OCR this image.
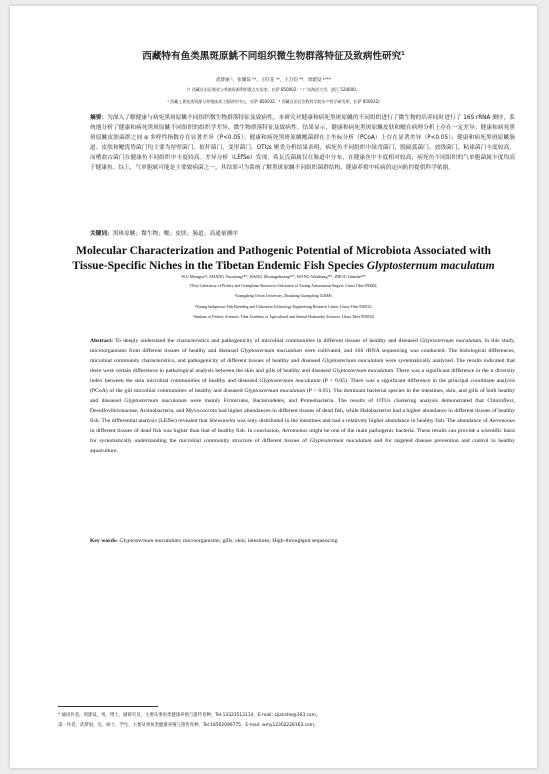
西藏特有鱼类黑斑原鮡不同组织微生物群落特征及致病性研究$^1$
武梦丽 ¹，张耀琼 ²*，王旺花 ³*，王万钧 ⁴*，周建设 ¹*⁴*
(¹ 西藏自治区渔业与养殖资源利用重点实验室，拉萨 850002；² 广东海洋大学，湛江 524000；
³ 西藏土著鱼类资源与养殖技术工程研究中心，拉萨 850032；⁴ 西藏自治区农牧科学院水产科学研究所，拉萨 850032)
摘要：为深入了解健康与病死黑斑原鮡不同组织微生物群落特征及致病性，本研究对健康和病死黑斑原鮡的不同组织进行了微生物的培养同时进行了 16S rRNA 测序，系统地分析了健康和病死黑斑原鮡不同组织的组织学差异、微生物群落特征及致病性。结果显示，健康和病死黑斑原鮡皮肤和鳃在病理分析上存在一定差异；健康和病死黑斑原鮡皮肤菌群之间 α 多样性指数存在显著差异（P<0.05）；健康和病死黑斑原鮡鳃菌群在主坐标分析（PCoA）上存在显著差异（P<0.05）；健康和病死黑斑原鮡肠道、皮肤和鳃优势菌门均主要为厚壁菌门、拟杆菌门、变形菌门。OTUs 聚类分析结果表明，病死鱼不同组织中绿弯菌门、脱硫弧菌门、放线菌门、粘球菌门丰度较高，而嗜盐古菌门在健康鱼不同组织中丰度较高。差异分析（LEfSe）发现，希瓦氏菌属仅在肠道中分布，在健康鱼中丰度相对较高；病死鱼不同组织的气单胞菌属丰度均高于健康鱼。综上，气单胞属可能是主要致病菌之一，其结果可为系统了解黑斑原鮡不同组织菌群结构、健康养殖中疾病的定向防控提供科学依据。
关键词：黑斑原鮡；微生物；鳃；皮肤；肠道；高通量测序
Molecular Characterization and Pathogenic Potential of Microbiota Associated with
Tissue-Specific Niches in the Tibetan Endemic Fish Species Glyptosternum maculatum
WU Mengyu¹², ZHANG Yaoqiong¹²*, WANG Zhuangzhuang¹²*, WANG Wanliang¹²*, ZHOU Jianshe¹²*
(¹Key Laboratory of Fishery and Germplasm Resources Utilization of Xizang Autonomous Region, Lhasa Tibet 850002;
²Guangdong Ocean University, Zhanjiang Guangdong 524000;
³Xizang Indigenous Fish Breeding and Utilization Technology Engineering Research Center, Lhasa Tibet 850032;
⁴Institute of Fishery Sciences, Tibet Academy of Agricultural and Animal Husbandry Sciences, Lhasa Tibet 850032)
Abstract: To deeply understand the characteristics and pathogenicity of microbial communities in different tissues of healthy and diseased Glyptosternum maculatum, in this study, microorganisms from different tissues of healthy and diseased Glyptosternum maculatum were cultivated, and 16S rRNA sequencing was conducted. The histological differences, microbial community characteristics, and pathogenicity of different tissues of healthy and diseased Glyptosternum maculatum were systematically analyzed. The results indicated that there were certain differences in pathological analysis between the skin and gills of healthy and diseased Glyptosternum maculatum. There was a significant difference in the α diversity index between the skin microbial communities of healthy and diseased Glyptosternum maculatum (P < 0.05). There was a significant difference in the principal coordinate analysis (PCoA) of the gill microbial communities of healthy and diseased Glyptosternum maculatum (P < 0.05). The dominant bacterial species in the intestines, skin, and gills of both healthy and diseased Glyptosternum maculatum were mainly Firmicutes, Bacteroidetes, and Proteobacteria. The results of OTUs clustering analysis demonstrated that Chloroflexi, Desulfovibrionaceae, Actinobacteria, and Myxococcota had higher abundances in different tissues of dead fish, while Halobacteriot had a higher abundance in different tissues of healthy fish. The differential analysis (LEfSe) revealed that Shewanella was only distributed in the intestines and had a relatively higher abundance in healthy fish. The abundance of Aeromonas in different tissues of dead fish was higher than that of healthy fish. In conclusion, Aeromonas might be one of the main pathogenic bacteria. These results can provide a scientific basis for systematically understanding the microbial community structure of different tissues of Glyptosternum maculatum and for targeted disease prevention and control in healthy aquaculture.
Key words: Glyptosternum maculatum; microorganisms; gills; skin; intestines; High-throughput sequencing
* 通讯作者，周建设，男，博士，副研究员，主要从事鱼类健康养殖与遗传育种，Tel:13323513114，E-mail: zjianshe@163.com。
第一作者，武梦雨，女，硕士，学生，主要从事鱼类健康养殖与遗传育种，Tel:18502090775，E-mail: wmy12302228163.com。
